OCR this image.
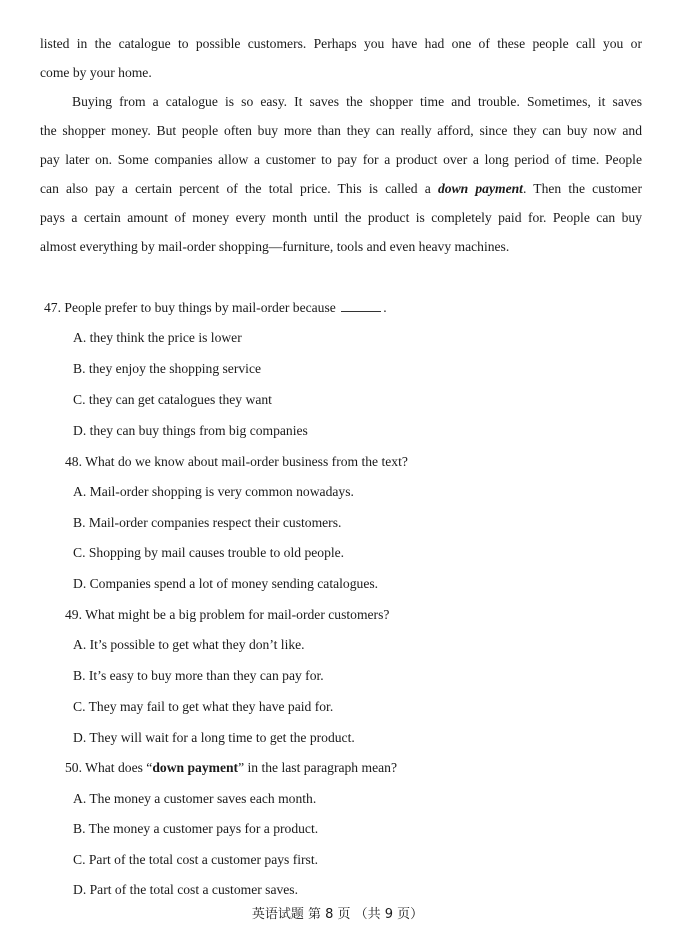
listed in the catalogue to possible customers. Perhaps you have had one of these people call you or
come by your home.
Buying from a catalogue is so easy. It saves the shopper time and trouble. Sometimes, it saves
the shopper money. But people often buy more than they can really afford, since they can buy now and
pay later on. Some companies allow a customer to pay for a product over a long period of time. People
can also pay a certain percent of the total price. This is called a down payment. Then the customer
pays a certain amount of money every month until the product is completely paid for. People can buy
almost everything by mail-order shopping—furniture, tools and even heavy machines.
47. People prefer to buy things by mail-order because	.
A. they think the price is lower
B. they enjoy the shopping service
C. they can get catalogues they want
D. they can buy things from big companies
48. What do we know about mail-order business from the text?
A. Mail-order shopping is very common nowadays.
B. Mail-order companies respect their customers.
C. Shopping by mail causes trouble to old people.
D. Companies spend a lot of money sending catalogues.
49. What might be a big problem for mail-order customers?
A. It’s possible to get what they don’t like.
B. It’s easy to buy more than they can pay for.
C. They may fail to get what they have paid for.
D. They will wait for a long time to get the product.
50. What does “down payment” in the last paragraph mean?
A. The money a customer saves each month.
B. The money a customer pays for a product.
C. Part of the total cost a customer pays first.
D. Part of the total cost a customer saves.
英语试题 第 8 页 （共 9 页）
